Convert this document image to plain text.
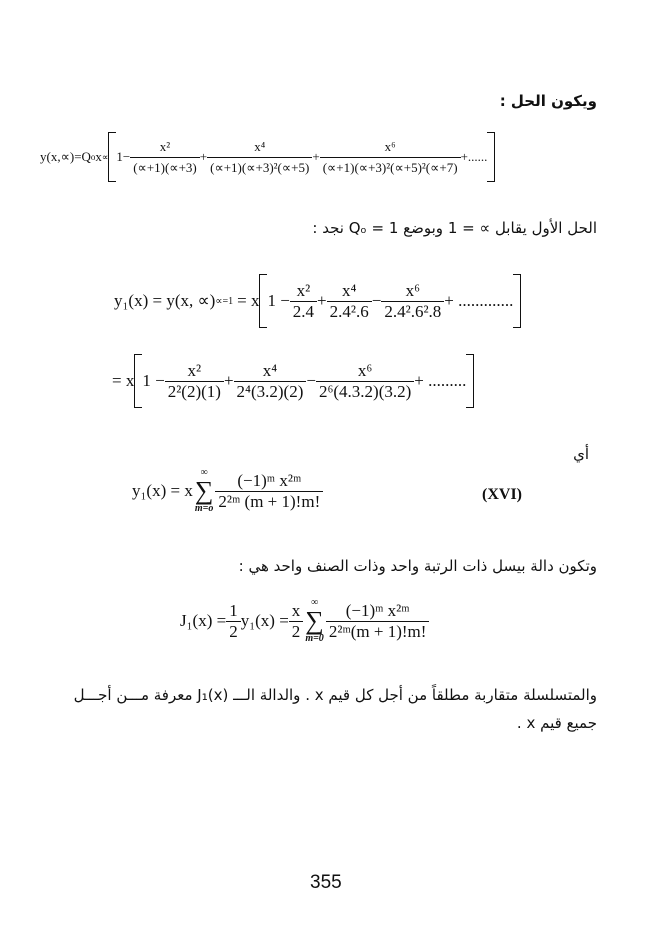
ويكون الحل :
y(x,∝)=Q o $x \propto 1- \frac{\text{x²}}{(\propto+1)(\propto+3)} + \frac{\text{x⁴}}{\text{(∝+1)(∝+3)²(∝+5)}} + \frac{\text{x⁶}}{\text{(∝+1)(∝+3)²(∝+5)²(∝+7)}}$ +......
الحل الأول يقابل ∝ = 1 وبوضع Qₒ = 1 نجد :
y₁(x) = y(x, ∝) ∝=1 = x $1 - \frac{\text{x²}}{2.4} + \frac{\text{x⁴}}{\text{2.4².6}} - \frac{\text{x⁶}}{\text{2.4².6².8}}$ + .............
= x $1 - \frac{\text{x²}}{\text{2²(2)(1)}} + \frac{\text{x⁴}}{\text{2⁴(3.2)(2)}} - \frac{\text{x⁶}}{\text{2⁶(4.3.2)(3.2)}}$ + .........
أي
y₁(x) = x
∞
∑
$m=o \frac{\text{(−1)ᵐ x²ᵐ}}{\text{2²ᵐ (m + 1)!m!}}$	(XVI)
وتكون دالة بيسل ذات الرتبة واحد وذات الصنف واحد هي :
$J_1(x) = \frac{1}{2} y_1(x) = \frac{x}{2}$ ∞
∑
$m=0 \frac{\text{(−1)ᵐ x²ᵐ}}{\text{2²ᵐ(m + 1)!m!}}$
والمتسلسلة متقاربة مطلقاً من أجل كل قيم x . والدالة الـــ J₁(x) معرفة مـــن أجـــل
جميع قيم x .
355
